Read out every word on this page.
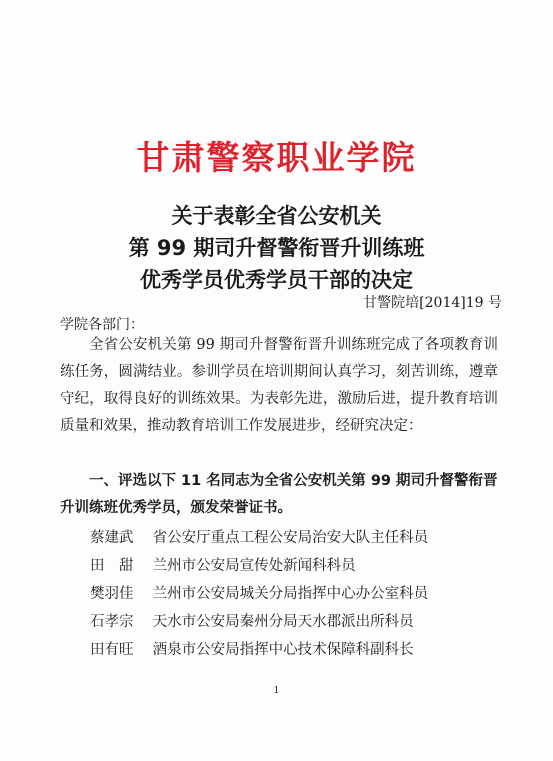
甘肃警察职业学院
关于表彰全省公安机关
第 99 期司升督警衔晋升训练班
优秀学员优秀学员干部的决定
甘警院培[2014]19 号
学院各部门：
全省公安机关第 99 期司升督警衔晋升训练班完成了各项教育训练任务，圆满结业。参训学员在培训期间认真学习，刻苦训练，遵章守纪，取得良好的训练效果。为表彰先进，激励后进，提升教育培训质量和效果，推动教育培训工作发展进步，经研究决定：
一、评选以下 11 名同志为全省公安机关第 99 期司升督警衔晋升训练班优秀学员，颁发荣誉证书。
蔡建武 省公安厅重点工程公安局治安大队主任科员
田　甜 兰州市公安局宣传处新闻科科员
樊羽佳 兰州市公安局城关分局指挥中心办公室科员
石孝宗 天水市公安局秦州分局天水郡派出所科员
田有旺 酒泉市公安局指挥中心技术保障科副科长
1
